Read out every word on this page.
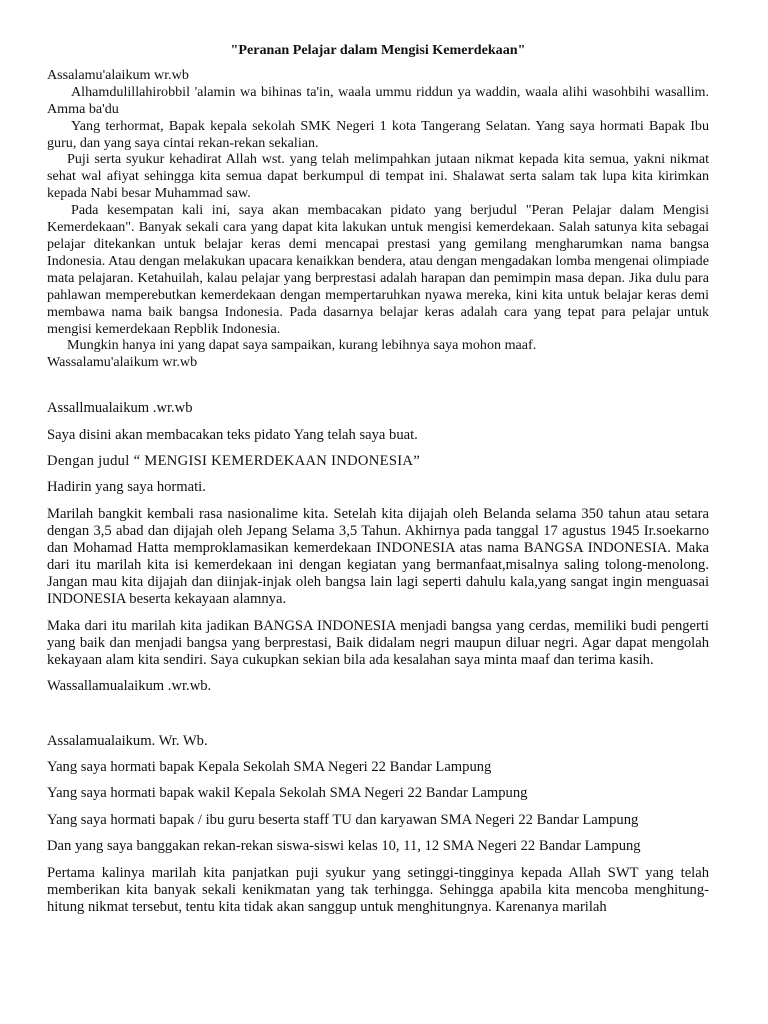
"Peranan Pelajar dalam Mengisi Kemerdekaan"

Assalamu'alaikum wr.wb

Alhamdulillahirobbil 'alamin wa bihinas ta'in, waala ummu riddun ya waddin, waala alihi wasohbihi wasallim. Amma ba'du

Yang terhormat, Bapak kepala sekolah SMK Negeri 1 kota Tangerang Selatan. Yang saya hormati Bapak Ibu guru, dan yang saya cintai rekan-rekan sekalian.

Puji serta syukur kehadirat Allah wst. yang telah melimpahkan jutaan nikmat kepada kita semua, yakni nikmat sehat wal afiyat sehingga kita semua dapat berkumpul di tempat ini. Shalawat serta salam tak lupa kita kirimkan kepada Nabi besar Muhammad saw.

Pada kesempatan kali ini, saya akan membacakan pidato yang berjudul "Peran Pelajar dalam Mengisi Kemerdekaan". Banyak sekali cara yang dapat kita lakukan untuk mengisi kemerdekaan. Salah satunya kita sebagai pelajar ditekankan untuk belajar keras demi mencapai prestasi yang gemilang mengharumkan nama bangsa Indonesia. Atau dengan melakukan upacara kenaikkan bendera, atau dengan mengadakan lomba mengenai olimpiade mata pelajaran. Ketahuilah, kalau pelajar yang berprestasi adalah harapan dan pemimpin masa depan. Jika dulu para pahlawan memperebutkan kemerdekaan dengan mempertaruhkan nyawa mereka, kini kita untuk belajar keras demi membawa nama baik bangsa Indonesia. Pada dasarnya belajar keras adalah cara yang tepat para pelajar untuk mengisi kemerdekaan Repblik Indonesia.

Mungkin hanya ini yang dapat saya sampaikan, kurang lebihnya saya mohon maaf.

Wassalamu'alaikum wr.wb

Assallmualaikum .wr.wb

Saya disini akan membacakan teks pidato Yang telah saya buat.

Dengan judul “ MENGISI KEMERDEKAAN INDONESIA”

Hadirin yang saya hormati.

Marilah bangkit kembali rasa nasionalime kita. Setelah kita dijajah oleh Belanda selama 350 tahun atau setara dengan 3,5 abad dan dijajah oleh Jepang Selama 3,5 Tahun. Akhirnya pada tanggal 17 agustus 1945 Ir.soekarno dan Mohamad Hatta memproklamasikan kemerdekaan INDONESIA atas nama BANGSA INDONESIA. Maka dari itu marilah kita isi kemerdekaan ini dengan kegiatan yang bermanfaat,misalnya saling tolong-menolong. Jangan mau kita dijajah dan diinjak-injak oleh bangsa lain lagi seperti dahulu kala,yang sangat ingin menguasai INDONESIA beserta kekayaan alamnya.

Maka dari itu marilah kita jadikan BANGSA INDONESIA menjadi bangsa yang cerdas, memiliki budi pengerti yang baik dan menjadi bangsa yang berprestasi, Baik didalam negri maupun diluar negri. Agar dapat mengolah kekayaan alam kita sendiri. Saya cukupkan sekian bila ada kesalahan saya minta maaf dan terima kasih.

Wassallamualaikum .wr.wb.

Assalamualaikum. Wr. Wb.

Yang saya hormati bapak Kepala Sekolah SMA Negeri 22 Bandar Lampung

Yang saya hormati bapak wakil Kepala Sekolah SMA Negeri 22 Bandar Lampung

Yang saya hormati bapak / ibu guru beserta staff TU dan karyawan SMA Negeri 22 Bandar Lampung

Dan yang saya banggakan rekan-rekan siswa-siswi kelas 10, 11, 12 SMA Negeri 22 Bandar Lampung

Pertama kalinya marilah kita panjatkan puji syukur yang setinggi-tingginya kepada Allah SWT yang telah memberikan kita banyak sekali kenikmatan yang tak terhingga. Sehingga apabila kita mencoba menghitung-hitung nikmat tersebut, tentu kita tidak akan sanggup untuk menghitungnya. Karenanya marilah
